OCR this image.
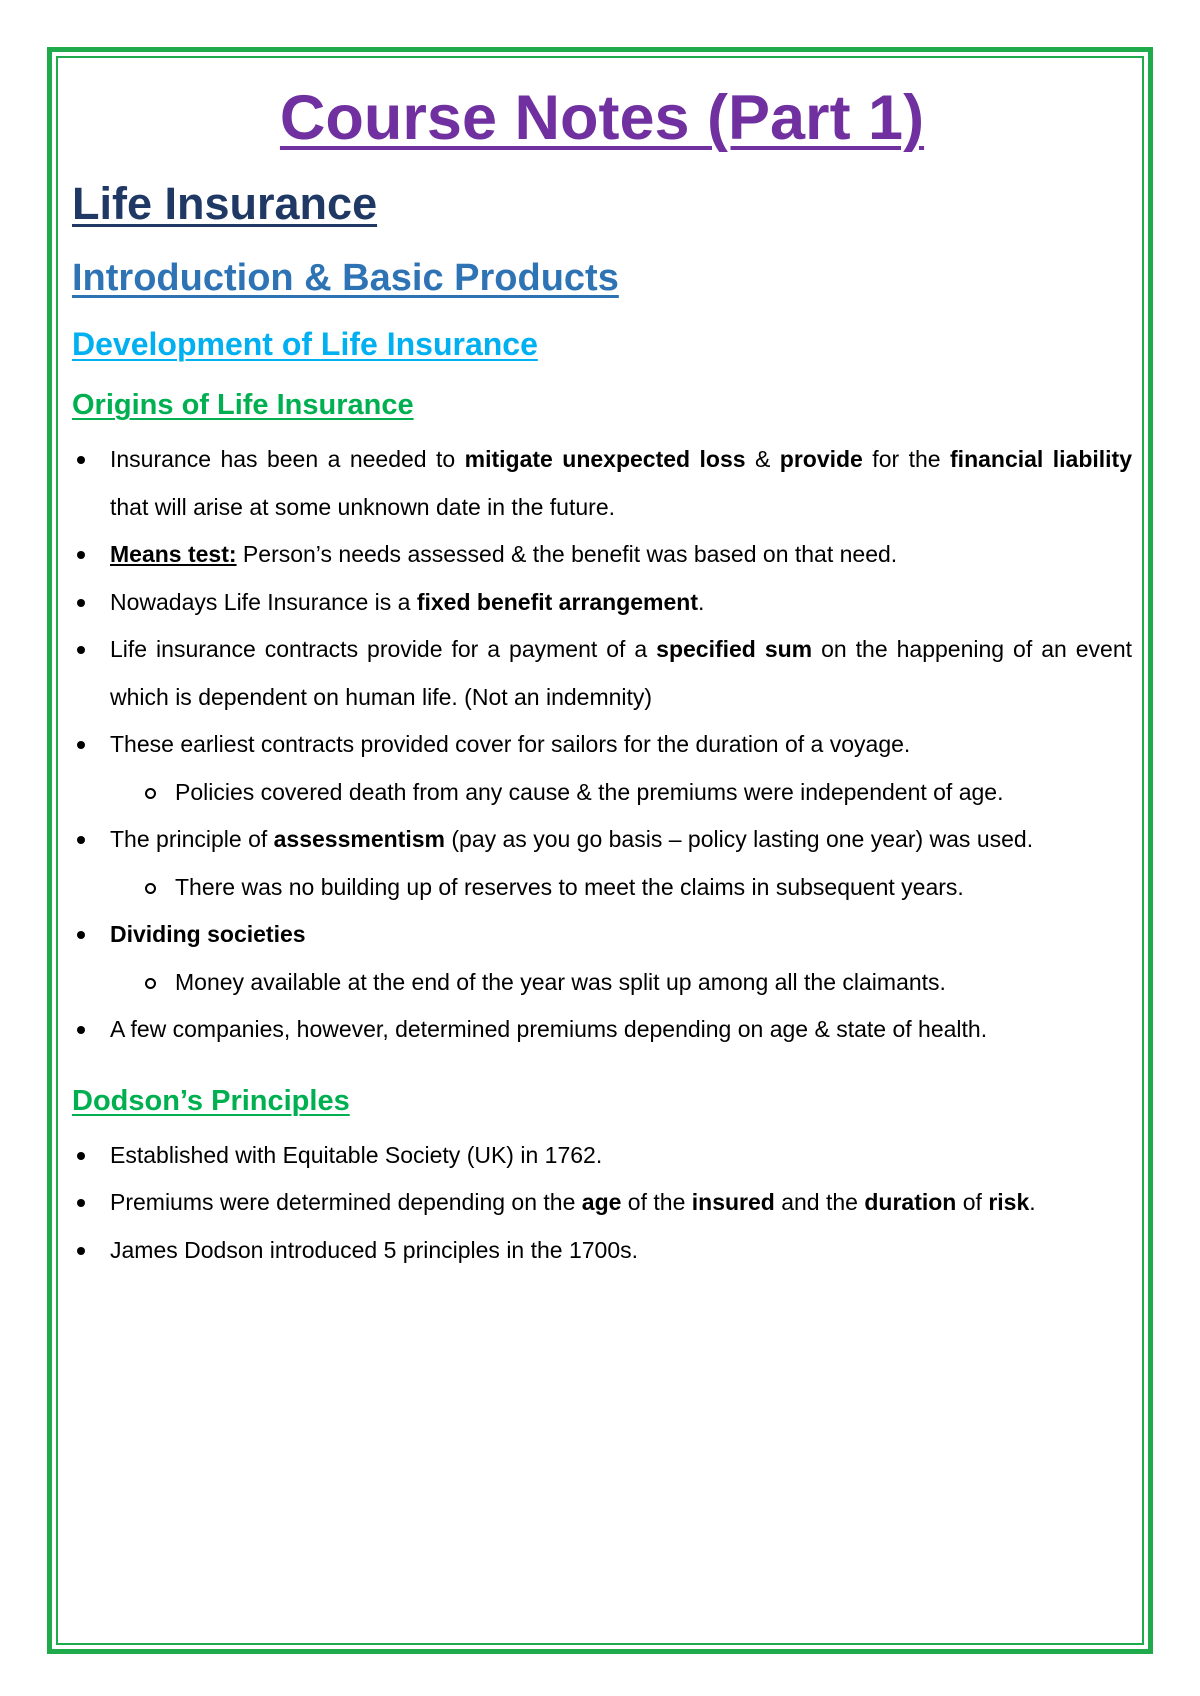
Course Notes (Part 1)
Life Insurance
Introduction & Basic Products
Development of Life Insurance
Origins of Life Insurance
Insurance has been a needed to mitigate unexpected loss & provide for the financial liability that will arise at some unknown date in the future.
Means test: Person’s needs assessed & the benefit was based on that need.
Nowadays Life Insurance is a fixed benefit arrangement.
Life insurance contracts provide for a payment of a specified sum on the happening of an event which is dependent on human life. (Not an indemnity)
These earliest contracts provided cover for sailors for the duration of a voyage.
Policies covered death from any cause & the premiums were independent of age.
The principle of assessmentism (pay as you go basis – policy lasting one year) was used.
There was no building up of reserves to meet the claims in subsequent years.
Dividing societies
Money available at the end of the year was split up among all the claimants.
A few companies, however, determined premiums depending on age & state of health.
Dodson’s Principles
Established with Equitable Society (UK) in 1762.
Premiums were determined depending on the age of the insured and the duration of risk.
James Dodson introduced 5 principles in the 1700s.
